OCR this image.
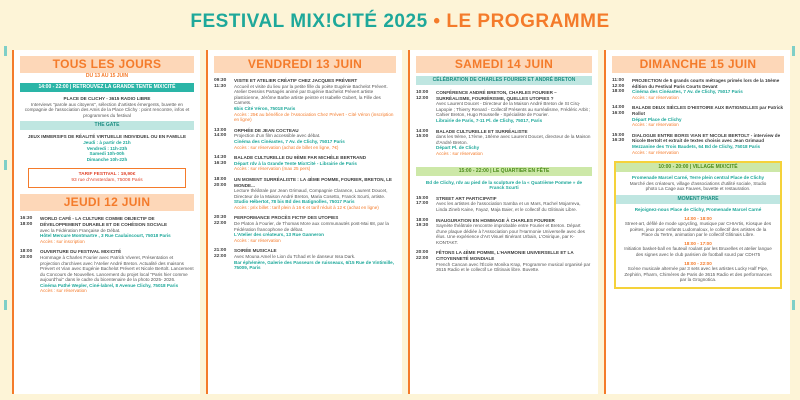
FESTIVAL MIX!CITÉ 2025 • LE PROGRAMME
TOUS LES JOURS
DU 13 AU 15 JUIN
14:00 - 22:00 | RETROUVEZ LA GRANDE TENTE MIX!CITÉ
PLACE DE CLICHY - 3615 RADIO LIBRE
Interviews "parole aux citoyens", sélection d'artistes émergents, buvette en compagnie de l'association des Amis de la Place Clichy : point rencontre, infos et programmes du festival
THE GATE
JEUX IMMERSIFS DE RÉALITÉ VIRTUELLE INDIVIDUEL OU EN FAMILLE
Jeudi : à partir de 21h
Vendredi : 11h-23h
Samedi 10h-00h
Dimanche 10h-22h
TARIF FESTIVAL : 19,90€
93 rue d'Amsterdam, 75008 Paris
JEUDI 12 JUIN
16:30
18:00
WORLD CAFÉ - LA CULTURE COMME OBJECTIF DE DÉVELOPPEMENT DURABLE ET DE COHÉSION SOCIALE
avec la Fédération Française de Débat.
Hôtel Mercure Montmartre , 3 Rue Caulaincourt, 75018 Paris
Accès : sur inscription
18:00
20:00
OUVERTURE DU FESTIVAL MIX!CITÉ
Hommage à Charles Fourier avec Patrick Viveret, Présentation et projection d'archives avec l'Atelier André Breton. Actualité des maisons Prévert et Vian avec Eugénie Bachelot Prévert et Nicole Bertolt. Lancement du Concours de Nouvelles. Lancement du projet local "Paris hier comme aujourd'hui" dans le cadre du bicentenaire de la photo 2025- 2026.
Cinéma Pathé Wepler, Ciné-labrel, 8 Avenue Clichy, 75018 Paris
Accès : sur réservation
VENDREDI 13 JUIN
09:30
11:30
VISITE ET ATELIER CRÉATIF CHEZ JACQUES PRÉVERT
Accueil et visite du lieu par la petite fille du poète Eugénie Bachelot Prévert. Atelier Dessins Partagés animé par Eugénie Bachelot Prévert artiste plasticienne, Jérôme Barbe artiste peintre et Isabelle Gubert, la Fille des Carnets.
6bis Cité Véron, 75018 Paris
Accès : 25€ au bénéfice de l'Association Chez Prévert - Cité Véron (inscription en ligne)
13:00
14:00
ORPHÉE DE JEAN COCTEAU
Projection d'un film accessible avec débat.
Cinéma des Cinéastes, 7 Av. de Clichy, 75017 Paris
Accès : sur réservation (achat de billet en ligne, 7€)
14:30
16:30
BALADE CULTURELLE DU 9ÈME PAR MICHÈLE BERTRAND
Départ rdv à la Grande Tente Mix!Cité - Librairie de Paris
Accès : sur réservation (max 25 pers)
18:00
20:00
UN MOMENT SURRÉALISTE : LA 4ÈME POMME, FOURIER, BRETON, LE MONDE...
Lecture théâtrale par Jean Grimaud, Compagnie Clarance, Laurent Doucet, Directeur de la Maison André Breton, Maria Cosetto, Franck Scurti, artiste.
Studio Hébertot, 78 bis Bd des Batignolles, 75017 Paris
Accès : prix billet : tarif plein à 16 € et tarif réduit à 12 € (achat en ligne)
20:30
22:00
PERFORMANCE PROCÈS FICTIF DES UTOPIES
De Platon à Fourier, de Thomas More aux communautés post-Mai 68, par la Fédération francophone de débat.
L'Atelier des créateurs, 13 Rue Ganneron
Accès : sur réservation
21:00
22:00
SOIRÉE MUSICALE
Avec Mouna Amel le Lion du Tchad et le danseur Issa Dark.
Bar éphémère, Galerie des Passeurs de ruisseaux, 6/15 Rue de Vintimille, 75009, Paris
SAMEDI 14 JUIN
CÉLÉBRATION DE CHARLES FOURIER ET ANDRÉ BRETON
10:00
12:00
CONFÉRENCE ANDRÉ BRETON, CHARLES FOURIER – SURRÉALISME, FOURIÉRISME, QUELLES UTOPIES ?
Avec Laurent Doucet - Directeur de la Maison André Breton de St Cirq-Lapopie ; Thierry Renard - Collectif Présents au surréalisme, Frédéric Arbit ; Cahier Breton, Hugo Rousselle - Spécialiste de Fourier.
Librairie de Paris, 7-11 Pl. de Clichy, 75017, Paris
14:00
15:00
BALADE CULTURELLE ET SURRÉALISTE
dans les 9ème, 17ème, 18ème avec Laurent Doucet, directeur de la Maison d'André Breton.
Départ Pl. de Clichy
Accès : sur réservation
15:00 - 22:00 | LE QUARTIER EN FÊTE
Bd de Clichy, rdv au pied de la sculpture de la « Quatrième Pomme » de Franck Scurti
15:00
17:00
STREET ART PARTICIPATIF
Avec les artistes de l'association Samba et un Mars, Rachel Mojarreva, Linda Zineb Kaine, Fayaz, Maja Baier, et le collectif du Glitinais Libre.
18:00
19:30
INAUGURATION EN HOMMAGE À CHARLES FOURIER
Saynète théâtrale rencontre improbable entre Fourier et Breton. Départ d'une plaque dédiée à l'Association pour l'Harmonie Universelle avec des élus. Une expérience d'Art Visuel Itinérant Urbain, L'Onirique, par K-KONTAKT.
20:00
22:00
FÊTONS LA 4ÈME POMME, L'HARMONIE UNIVERSELLE ET LA CITOYENNETÉ MONDIALE
French Cancan avec l'École Monika Krap, Programme musical organisé par 3615 Radio et le collectif Le Glitinais libre. Buvette.
DIMANCHE 15 JUIN
11:00
12:00
18:00
PROJECTION de 5 grands courts métrages primés lors de la 16ème édition du Festival Paris Courts Devant
Cinéma des Cinéastes, 7 Av. de Clichy, 75017 Paris
Accès : sur réservation
14:00
16:00
BALADE DEUX SIÈCLES D'HISTOIRE AUX BATIGNOLLES par Patrick Rollot
Départ Place de Clichy
Accès : sur réservation
15:00
16:30
DIALOGUE ENTRE BORIS VIAN ET NICOLE BERTOLT - interview de Nicole Bertolt et extrait de textes choisis avec Jean Grimaud
Mezzanine des Trois Baudets, 64 Bd de Clichy, 75018 Paris
Accès : sur réservation
10:00 - 20:00 | VILLAGE MIX!CITÉ
Promenade Marcel Carné, Terre plein central Place de Clichy
Marché des créateurs, village d'associations d'utilité sociale, Studio photo La Cage aux Fauves, buvette et restauration.
MOMENT PHARE
Rejoignez-nous Place de Clichy, Promenade Marcel Carné
14:00 - 18:00
Street-art, défilé de mode upcycling, musique par CHIArtis, Kiosque des poètes, jeux pour enfants Ludomaloux, le collectif des artistes de la Place du Tertre, animation par le collectif Glitinais Libre.
18:00 - 17:00
Initiation basket-ball en fauteuil roulant par les Bruxelles et atelier langue des signes avec le club parisien de football sourd par CDH75
18:00 - 22:00
Scène musicale alternée par 3 sets avec les artistes Lucky Half Pipe, Zephirin, Pharm, Chimères de Paris de 3615 Radio et des performances par la Grognotica.
